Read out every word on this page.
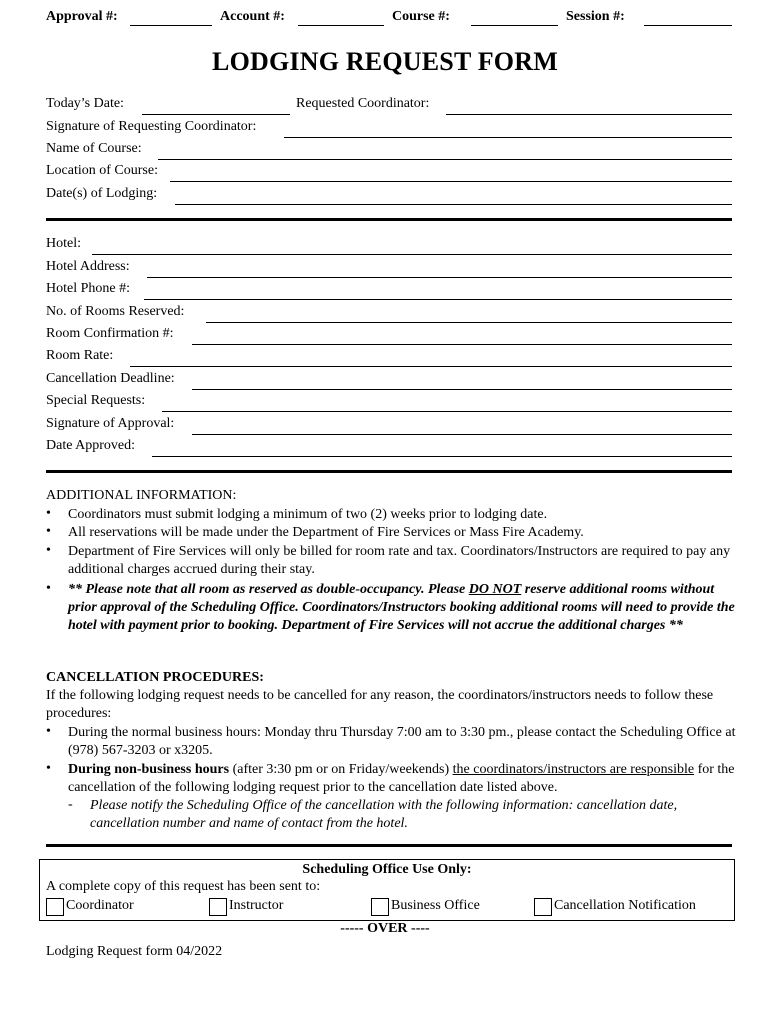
Approval #:	Account #:	Course #:	Session #:
LODGING REQUEST FORM
Today’s Date:	Requested Coordinator:
Signature of Requesting Coordinator:
Name of Course:
Location of Course:
Date(s) of Lodging:
Hotel:
Hotel Address:
Hotel Phone #:
No. of Rooms Reserved:
Room Confirmation #:
Room Rate:
Cancellation Deadline:
Special Requests:
Signature of Approval:
Date Approved:
ADDITIONAL INFORMATION:
• Coordinators must submit lodging a minimum of two (2) weeks prior to lodging date.
• All reservations will be made under the Department of Fire Services or Mass Fire Academy.
• Department of Fire Services will only be billed for room rate and tax. Coordinators/Instructors are required to pay any additional charges accrued during their stay.
• ** Please note that all room as reserved as double-occupancy. Please DO NOT reserve additional rooms without prior approval of the Scheduling Office. Coordinators/Instructors booking additional rooms will need to provide the hotel with payment prior to booking. Department of Fire Services will not accrue the additional charges **
CANCELLATION PROCEDURES:
If the following lodging request needs to be cancelled for any reason, the coordinators/instructors needs to follow these procedures:
• During the normal business hours: Monday thru Thursday 7:00 am to 3:30 pm., please contact the Scheduling Office at (978) 567-3203 or x3205.
• During non-business hours (after 3:30 pm or on Friday/weekends) the coordinators/instructors are responsible for the cancellation of the following lodging request prior to the cancellation date listed above.
- Please notify the Scheduling Office of the cancellation with the following information: cancellation date, cancellation number and name of contact from the hotel.
Scheduling Office Use Only:
A complete copy of this request has been sent to:
Coordinator	Instructor	Business Office	Cancellation Notification
----- OVER ----
Lodging Request form 04/2022
